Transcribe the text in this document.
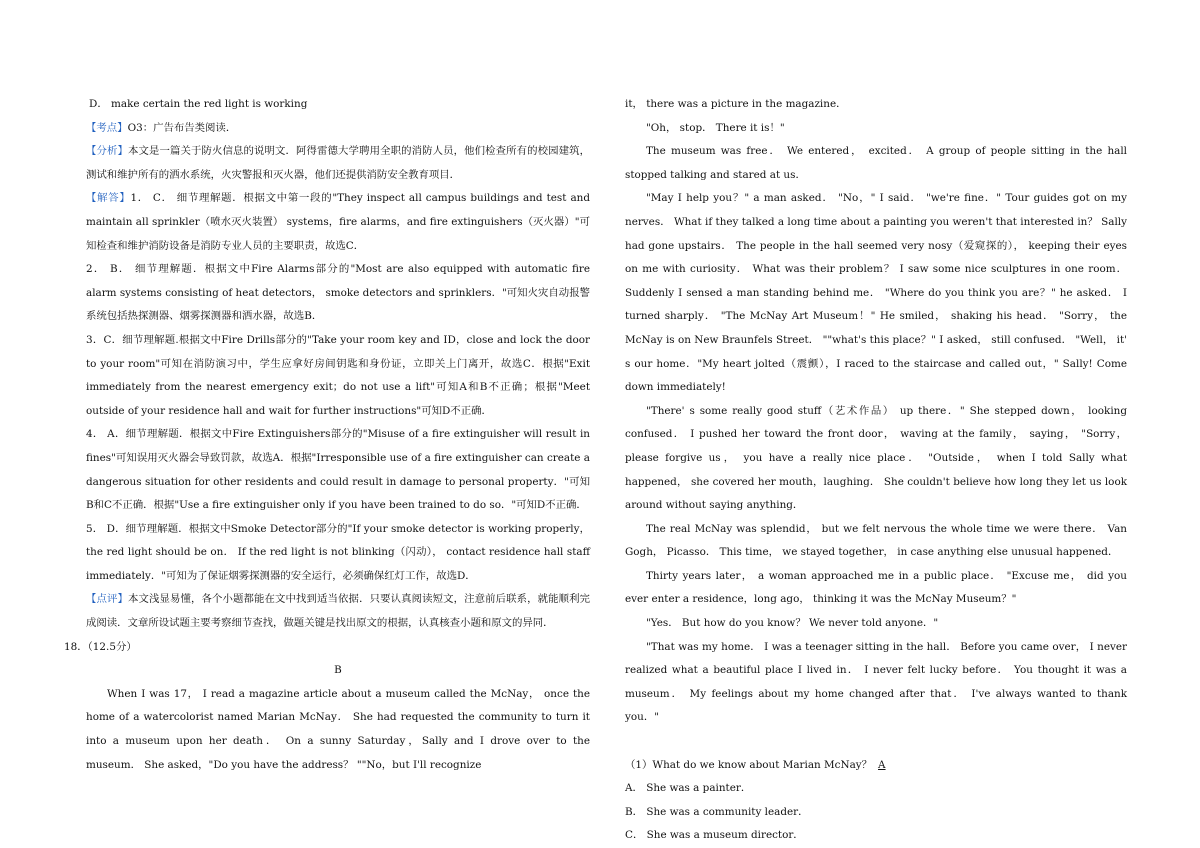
D． make certain the red light is working

【考点】O3：广告布告类阅读．

【分析】本文是一篇关于防火信息的说明文．阿得雷德大学聘用全职的消防人员，他们检查所有的校园建筑，测试和维护所有的洒水系统，火灾警报和灭火器，他们还提供消防安全教育项目．

【解答】1． C． 细节理解题．根据文中第一段的"They inspect all campus buildings and test and maintain all sprinkler（喷水灭火装置） systems，fire alarms，and fire extinguishers（灭火器）"可知检查和维护消防设备是消防专业人员的主要职责，故选C．

2． B． 细节理解题．根据文中Fire Alarms部分的"Most are also equipped with automatic fire alarm systems consisting of heat detectors， smoke detectors and sprinklers．"可知火灾自动报警系统包括热探测器、烟雾探测器和洒水器，故选B．

3．C．细节理解题.根据文中Fire Drills部分的"Take your room key and ID，close and lock the door to your room"可知在消防演习中，学生应拿好房间钥匙和身份证，立即关上门离开，故选C．根据"Exit immediately from the nearest emergency exit；do not use a lift"可知A和B不正确；根据"Meet outside of your residence hall and wait for further instructions"可知D不正确．

4． A．细节理解题．根据文中Fire Extinguishers部分的"Misuse of a fire extinguisher will result in fines"可知误用灭火器会导致罚款，故选A．根据"Irresponsible use of a fire extinguisher can create a dangerous situation for other residents and could result in damage to personal property．"可知B和C不正确．根据"Use a fire extinguisher only if you have been trained to do so．"可知D不正确．

5． D．细节理解题．根据文中Smoke Detector部分的"If your smoke detector is working properly， the red light should be on． If the red light is not blinking（闪动）， contact residence hall staff immediately．"可知为了保证烟雾探测器的安全运行，必须确保红灯工作，故选D．

【点评】本文浅显易懂，各个小题都能在文中找到适当依据．只要认真阅读短文，注意前后联系，就能顺利完成阅读．文章所设试题主要考察细节查找，做题关键是找出原文的根据，认真核查小题和原文的异同．

18．（12.5分）

B

When I was 17， I read a magazine article about a museum called the McNay， once the home of a watercolorist named Marian McNay． She had requested the community to turn it into a museum upon her death． On a sunny Saturday，Sally and I drove over to the museum． She asked，"Do you have the address？ ""No，but I'll recognize

it， there was a picture in the magazine．

"Oh， stop． There it is！"

The museum was free． We entered， excited． A group of people sitting in the hall stopped talking and stared at us．

"May I help you？" a man asked． "No，" I said． "we're fine．" Tour guides got on my nerves． What if they talked a long time about a painting you weren't that interested in？ Sally had gone upstairs． The people in the hall seemed very nosy（爱窥探的）， keeping their eyes on me with curiosity． What was their problem？ I saw some nice sculptures in one room． Suddenly I sensed a man standing behind me． "Where do you think you are？" he asked． I turned sharply． "The McNay Art Museum！" He smiled， shaking his head． "Sorry， the McNay is on New Braunfels Street． ""what's this place？" I asked， still confused． "Well， it' s our home．"My heart jolted（震颤），I raced to the staircase and called out，" Sally! Come down immediately!

"There' s some really good stuff（艺术作品） up there．" She stepped down， looking confused． I pushed her toward the front door， waving at the family， saying， "Sorry， please forgive us， you have a really nice place． "Outside， when I told Sally what happened， she covered her mouth，laughing． She couldn't believe how long they let us look around without saying anything．

The real McNay was splendid， but we felt nervous the whole time we were there． Van Gogh， Picasso． This time， we stayed together， in case anything else unusual happened．

Thirty years later， a woman approached me in a public place． "Excuse me， did you ever enter a residence，long ago， thinking it was the McNay Museum？"

"Yes． But how do you know？ We never told anyone．"

"That was my home． I was a teenager sitting in the hall． Before you came over， I never realized what a beautiful place I lived in． I never felt lucky before． You thought it was a museum． My feelings about my home changed after that． I've always wanted to thank you．"

（1）What do we know about Marian McNay？ A

A． She was a painter．

B． She was a community leader．

C． She was a museum director．
